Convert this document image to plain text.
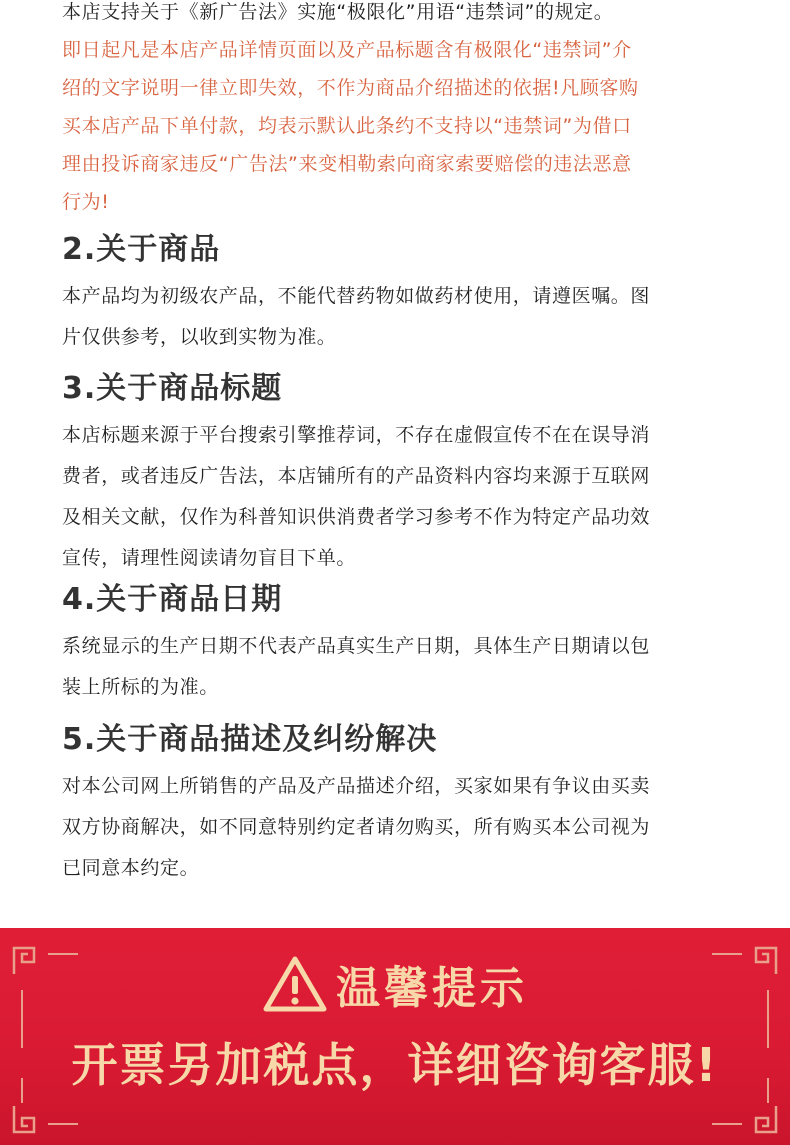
本店支持关于《新广告法》实施“极限化”用语“违禁词”的规定。

即日起凡是本店产品详情页面以及产品标题含有极限化“违禁词”介

绍的文字说明一律立即失效，不作为商品介绍描述的依据!凡顾客购

买本店产品下单付款，均表示默认此条约不支持以“违禁词”为借口

理由投诉商家违反“广告法”来变相勒索向商家索要赔偿的违法恶意

行为!

2.关于商品

本产品均为初级农产品，不能代替药物如做药材使用，请遵医嘱。图

片仅供参考，以收到实物为准。

3.关于商品标题

本店标题来源于平台搜索引擎推荐词，不存在虚假宣传不在在误导消

费者，或者违反广告法，本店铺所有的产品资料内容均来源于互联网

及相关文献，仅作为科普知识供消费者学习参考不作为特定产品功效

宣传，请理性阅读请勿盲目下单。

4.关于商品日期

系统显示的生产日期不代表产品真实生产日期，具体生产日期请以包

装上所标的为准。

5.关于商品描述及纠纷解决

对本公司网上所销售的产品及产品描述介绍，买家如果有争议由买卖

双方协商解决，如不同意特别约定者请勿购买，所有购买本公司视为

已同意本约定。

温馨提示
开票另加税点，详细咨询客服!
